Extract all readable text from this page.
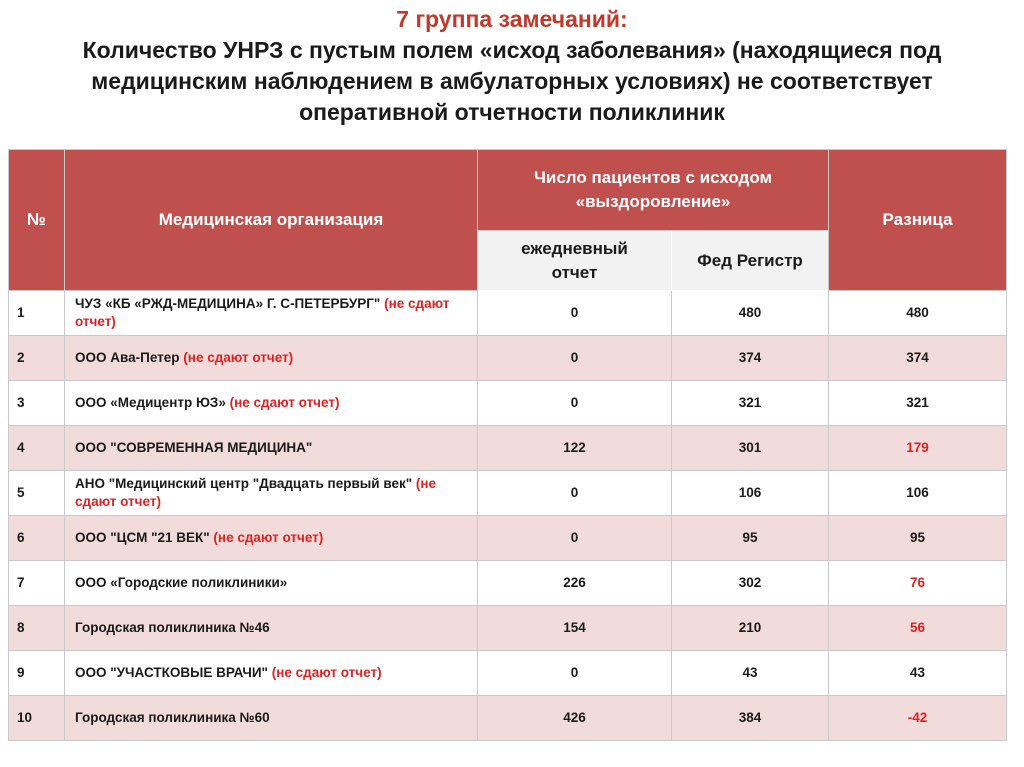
7 группа замечаний:
Количество УНРЗ с пустым полем «исход заболевания» (находящиеся под
медицинским наблюдением в амбулаторных условиях) не соответствует
оперативной отчетности поликлиник
№	Медицинская организация	Число пациентов с исходом «выздоровление»		Разница
		ежедневный отчет	Фед Регистр	
1	ЧУЗ «КБ «РЖД-МЕДИЦИНА» Г. С-ПЕТЕРБУРГ" (не сдают отчет)	0	480	480
2	ООО Ава-Петер (не сдают отчет)	0	374	374
3	ООО «Медицентр ЮЗ» (не сдают отчет)	0	321	321
4	ООО "СОВРЕМЕННАЯ МЕДИЦИНА"	122	301	179
5	АНО "Медицинский центр "Двадцать первый век" (не сдают отчет)	0	106	106
6	ООО "ЦСМ "21 ВЕК" (не сдают отчет)	0	95	95
7	ООО «Городские поликлиники»	226	302	76
8	Городская поликлиника №46	154	210	56
9	ООО "УЧАСТКОВЫЕ ВРАЧИ" (не сдают отчет)	0	43	43
10	Городская поликлиника №60	426	384	-42
